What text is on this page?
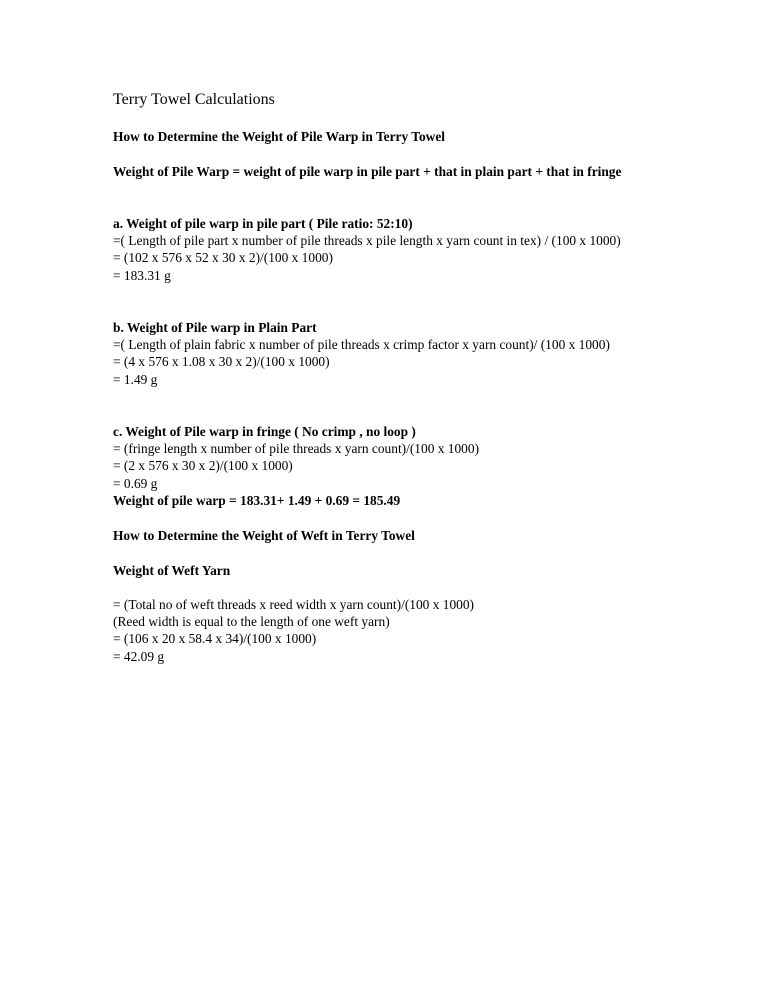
Terry Towel Calculations
How to Determine the Weight of Pile Warp in Terry Towel
Weight of Pile Warp = weight of pile warp in pile part + that in plain part + that in fringe
a. Weight of pile warp in pile part ( Pile ratio: 52:10)
=( Length of pile part x number of pile threads x pile length x yarn count in tex) / (100 x 1000)
= (102 x 576 x 52 x 30 x 2)/(100 x 1000)
= 183.31 g
b. Weight of Pile warp in Plain Part
=( Length of plain fabric x number of pile threads x crimp factor x yarn count)/ (100 x 1000)
= (4 x 576 x 1.08 x 30 x 2)/(100 x 1000)
= 1.49 g
c. Weight of Pile warp in fringe ( No crimp , no loop )
= (fringe length x number of pile threads x yarn count)/(100 x 1000)
= (2 x 576 x 30 x 2)/(100 x 1000)
= 0.69 g
Weight of pile warp = 183.31+ 1.49 + 0.69 = 185.49
How to Determine the Weight of Weft in Terry Towel
Weight of Weft Yarn
= (Total no of weft threads x reed width x yarn count)/(100 x 1000)
(Reed width is equal to the length of one weft yarn)
= (106 x 20 x 58.4 x 34)/(100 x 1000)
= 42.09 g
